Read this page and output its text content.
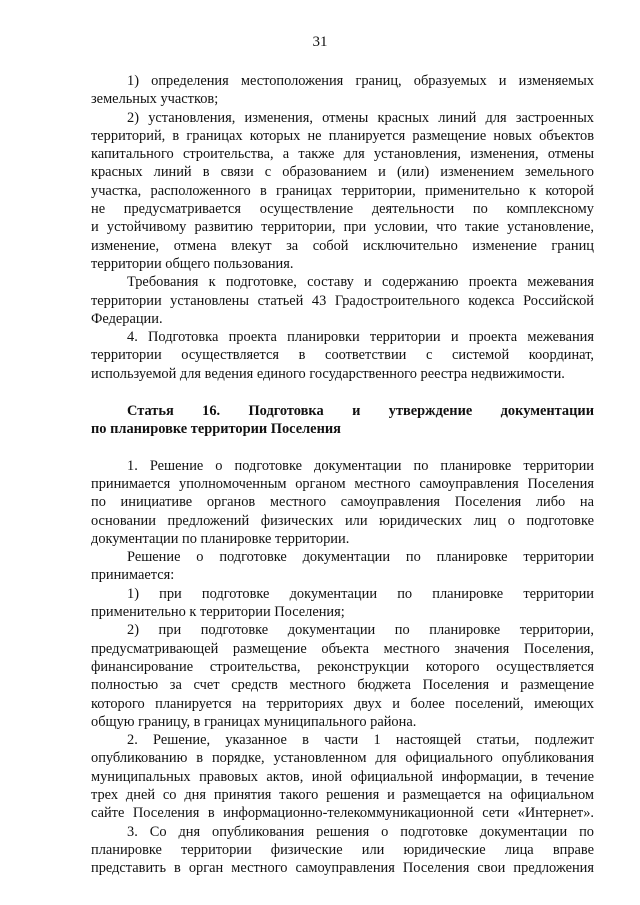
31
1) определения местоположения границ, образуемых и изменяемых
земельных участков;
2) установления, изменения, отмены красных линий для застроенных
территорий, в границах которых не планируется размещение новых объектов
капитального строительства, а также для установления, изменения, отмены
красных линий в связи с образованием и (или) изменением земельного
участка, расположенного в границах территории, применительно к которой
не предусматривается осуществление деятельности по комплексному
и устойчивому развитию территории, при условии, что такие установление,
изменение, отмена влекут за собой исключительно изменение границ
территории общего пользования.
Требования к подготовке, составу и содержанию проекта межевания
территории установлены статьей 43 Градостроительного кодекса Российской
Федерации.
4. Подготовка проекта планировки территории и проекта межевания
территории осуществляется в соответствии с системой координат,
используемой для ведения единого государственного реестра недвижимости.
Статья 16. Подготовка и утверждение документации
по планировке территории Поселения
1. Решение о подготовке документации по планировке территории
принимается уполномоченным органом местного самоуправления Поселения
по инициативе органов местного самоуправления Поселения либо на
основании предложений физических или юридических лиц о подготовке
документации по планировке территории.
Решение о подготовке документации по планировке территории
принимается:
1) при подготовке документации по планировке территории
применительно к территории Поселения;
2) при подготовке документации по планировке территории,
предусматривающей размещение объекта местного значения Поселения,
финансирование строительства, реконструкции которого осуществляется
полностью за счет средств местного бюджета Поселения и размещение
которого планируется на территориях двух и более поселений, имеющих
общую границу, в границах муниципального района.
2. Решение, указанное в части 1 настоящей статьи, подлежит
опубликованию в порядке, установленном для официального опубликования
муниципальных правовых актов, иной официальной информации, в течение
трех дней со дня принятия такого решения и размещается на официальном
сайте Поселения в информационно-телекоммуникационной сети «Интернет».
3. Со дня опубликования решения о подготовке документации по
планировке территории физические или юридические лица вправе
представить в орган местного самоуправления Поселения свои предложения
